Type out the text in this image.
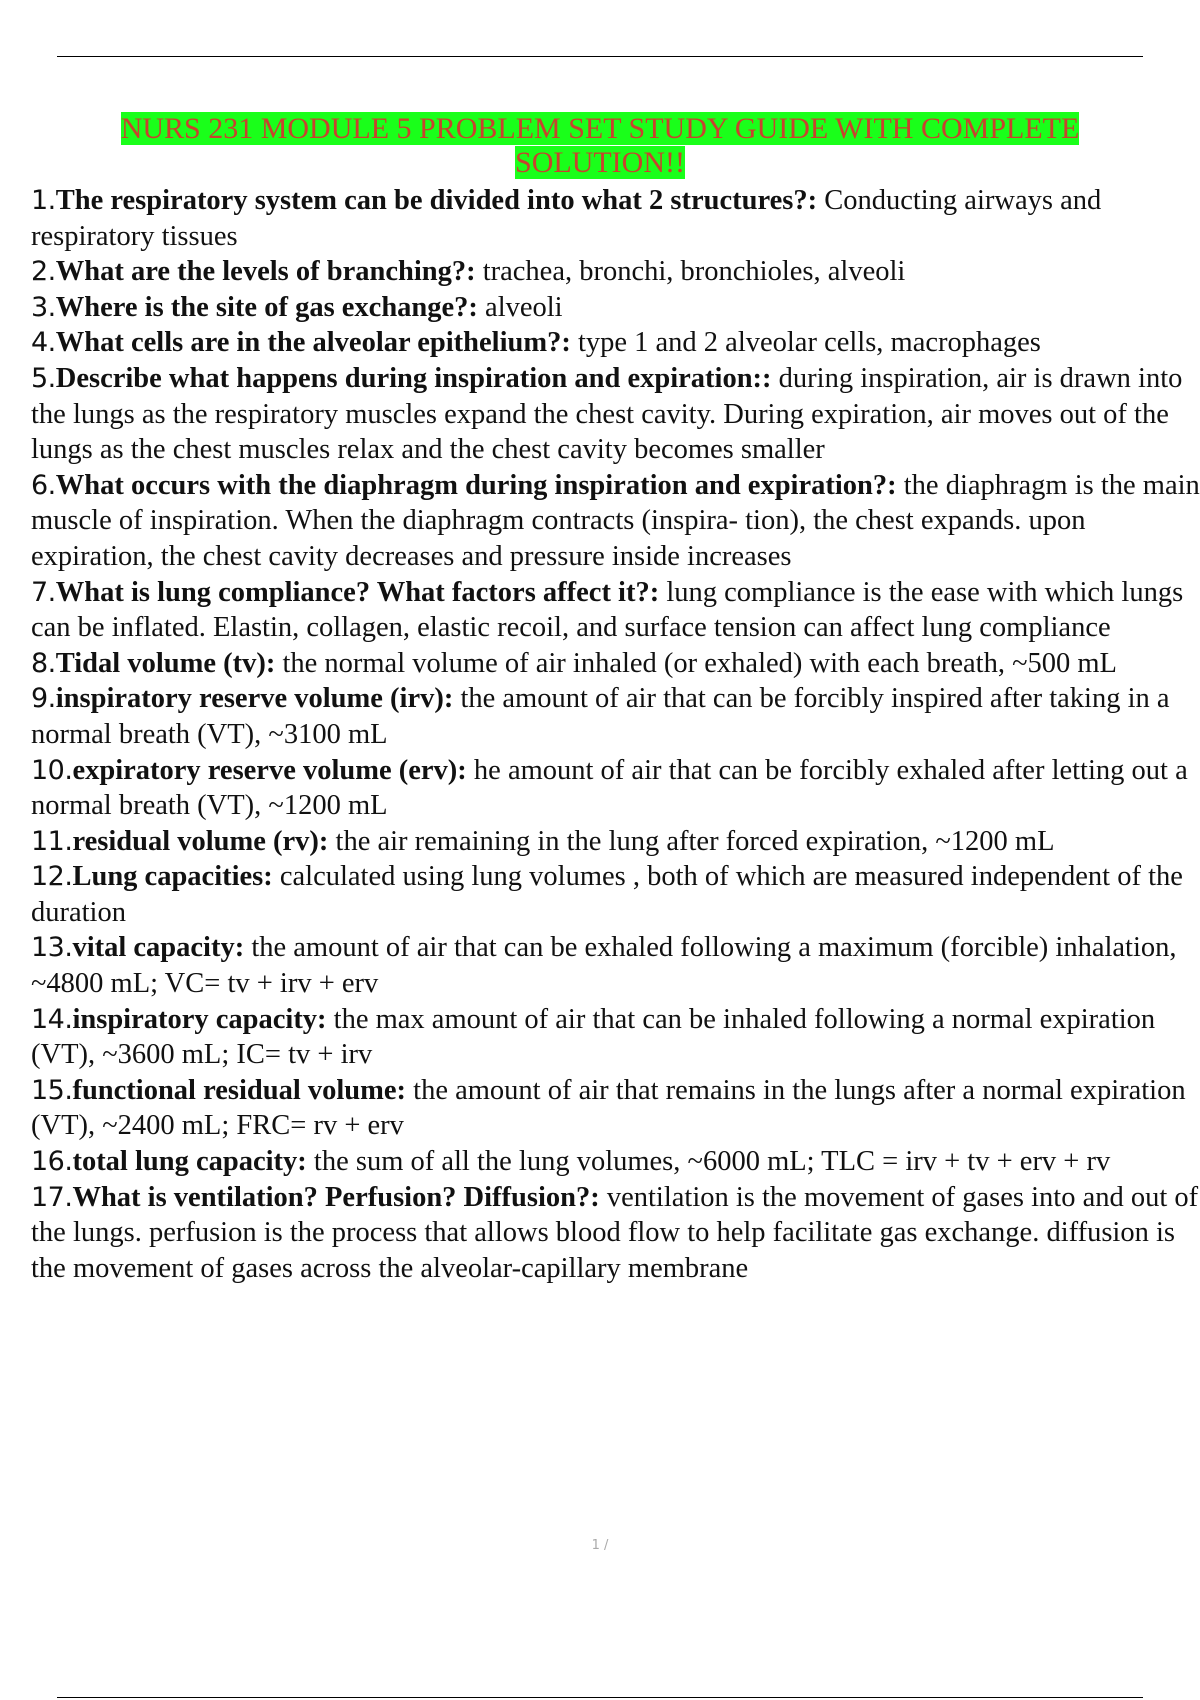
NURS 231 MODULE 5 PROBLEM SET STUDY GUIDE WITH COMPLETE
SOLUTION!!

1.The respiratory system can be divided into what 2 structures?: Conducting airways and respiratory tissues

2.What are the levels of branching?: trachea, bronchi, bronchioles, alveoli

3.Where is the site of gas exchange?: alveoli

4.What cells are in the alveolar epithelium?: type 1 and 2 alveolar cells, macrophages

5.Describe what happens during inspiration and expiration:: during inspiration, air is drawn into the lungs as the respiratory muscles expand the chest cavity. During expiration, air moves out of the lungs as the chest muscles relax and the chest cavity becomes smaller

6.What occurs with the diaphragm during inspiration and expiration?: the diaphragm is the main muscle of inspiration. When the diaphragm contracts (inspira- tion), the chest expands. upon expiration, the chest cavity decreases and pressure inside increases

7.What is lung compliance? What factors affect it?: lung compliance is the ease with which lungs can be inflated. Elastin, collagen, elastic recoil, and surface tension can affect lung compliance

8.Tidal volume (tv): the normal volume of air inhaled (or exhaled) with each breath, ~500 mL

9.inspiratory reserve volume (irv): the amount of air that can be forcibly inspired after taking in a normal breath (VT), ~3100 mL

10.expiratory reserve volume (erv): he amount of air that can be forcibly exhaled after letting out a normal breath (VT), ~1200 mL

11.residual volume (rv): the air remaining in the lung after forced expiration, ~1200 mL

12.Lung capacities: calculated using lung volumes , both of which are measured independent of the duration

13.vital capacity: the amount of air that can be exhaled following a maximum (forcible) inhalation, ~4800 mL; VC= tv + irv + erv

14.inspiratory capacity: the max amount of air that can be inhaled following a normal expiration (VT), ~3600 mL; IC= tv + irv

15.functional residual volume: the amount of air that remains in the lungs after a normal expiration (VT), ~2400 mL; FRC= rv + erv

16.total lung capacity: the sum of all the lung volumes, ~6000 mL; TLC = irv + tv + erv + rv

17.What is ventilation? Perfusion? Diffusion?: ventilation is the movement of gases into and out of the lungs. perfusion is the process that allows blood flow to help facilitate gas exchange. diffusion is the movement of gases across the alveolar-capillary membrane

1 /
